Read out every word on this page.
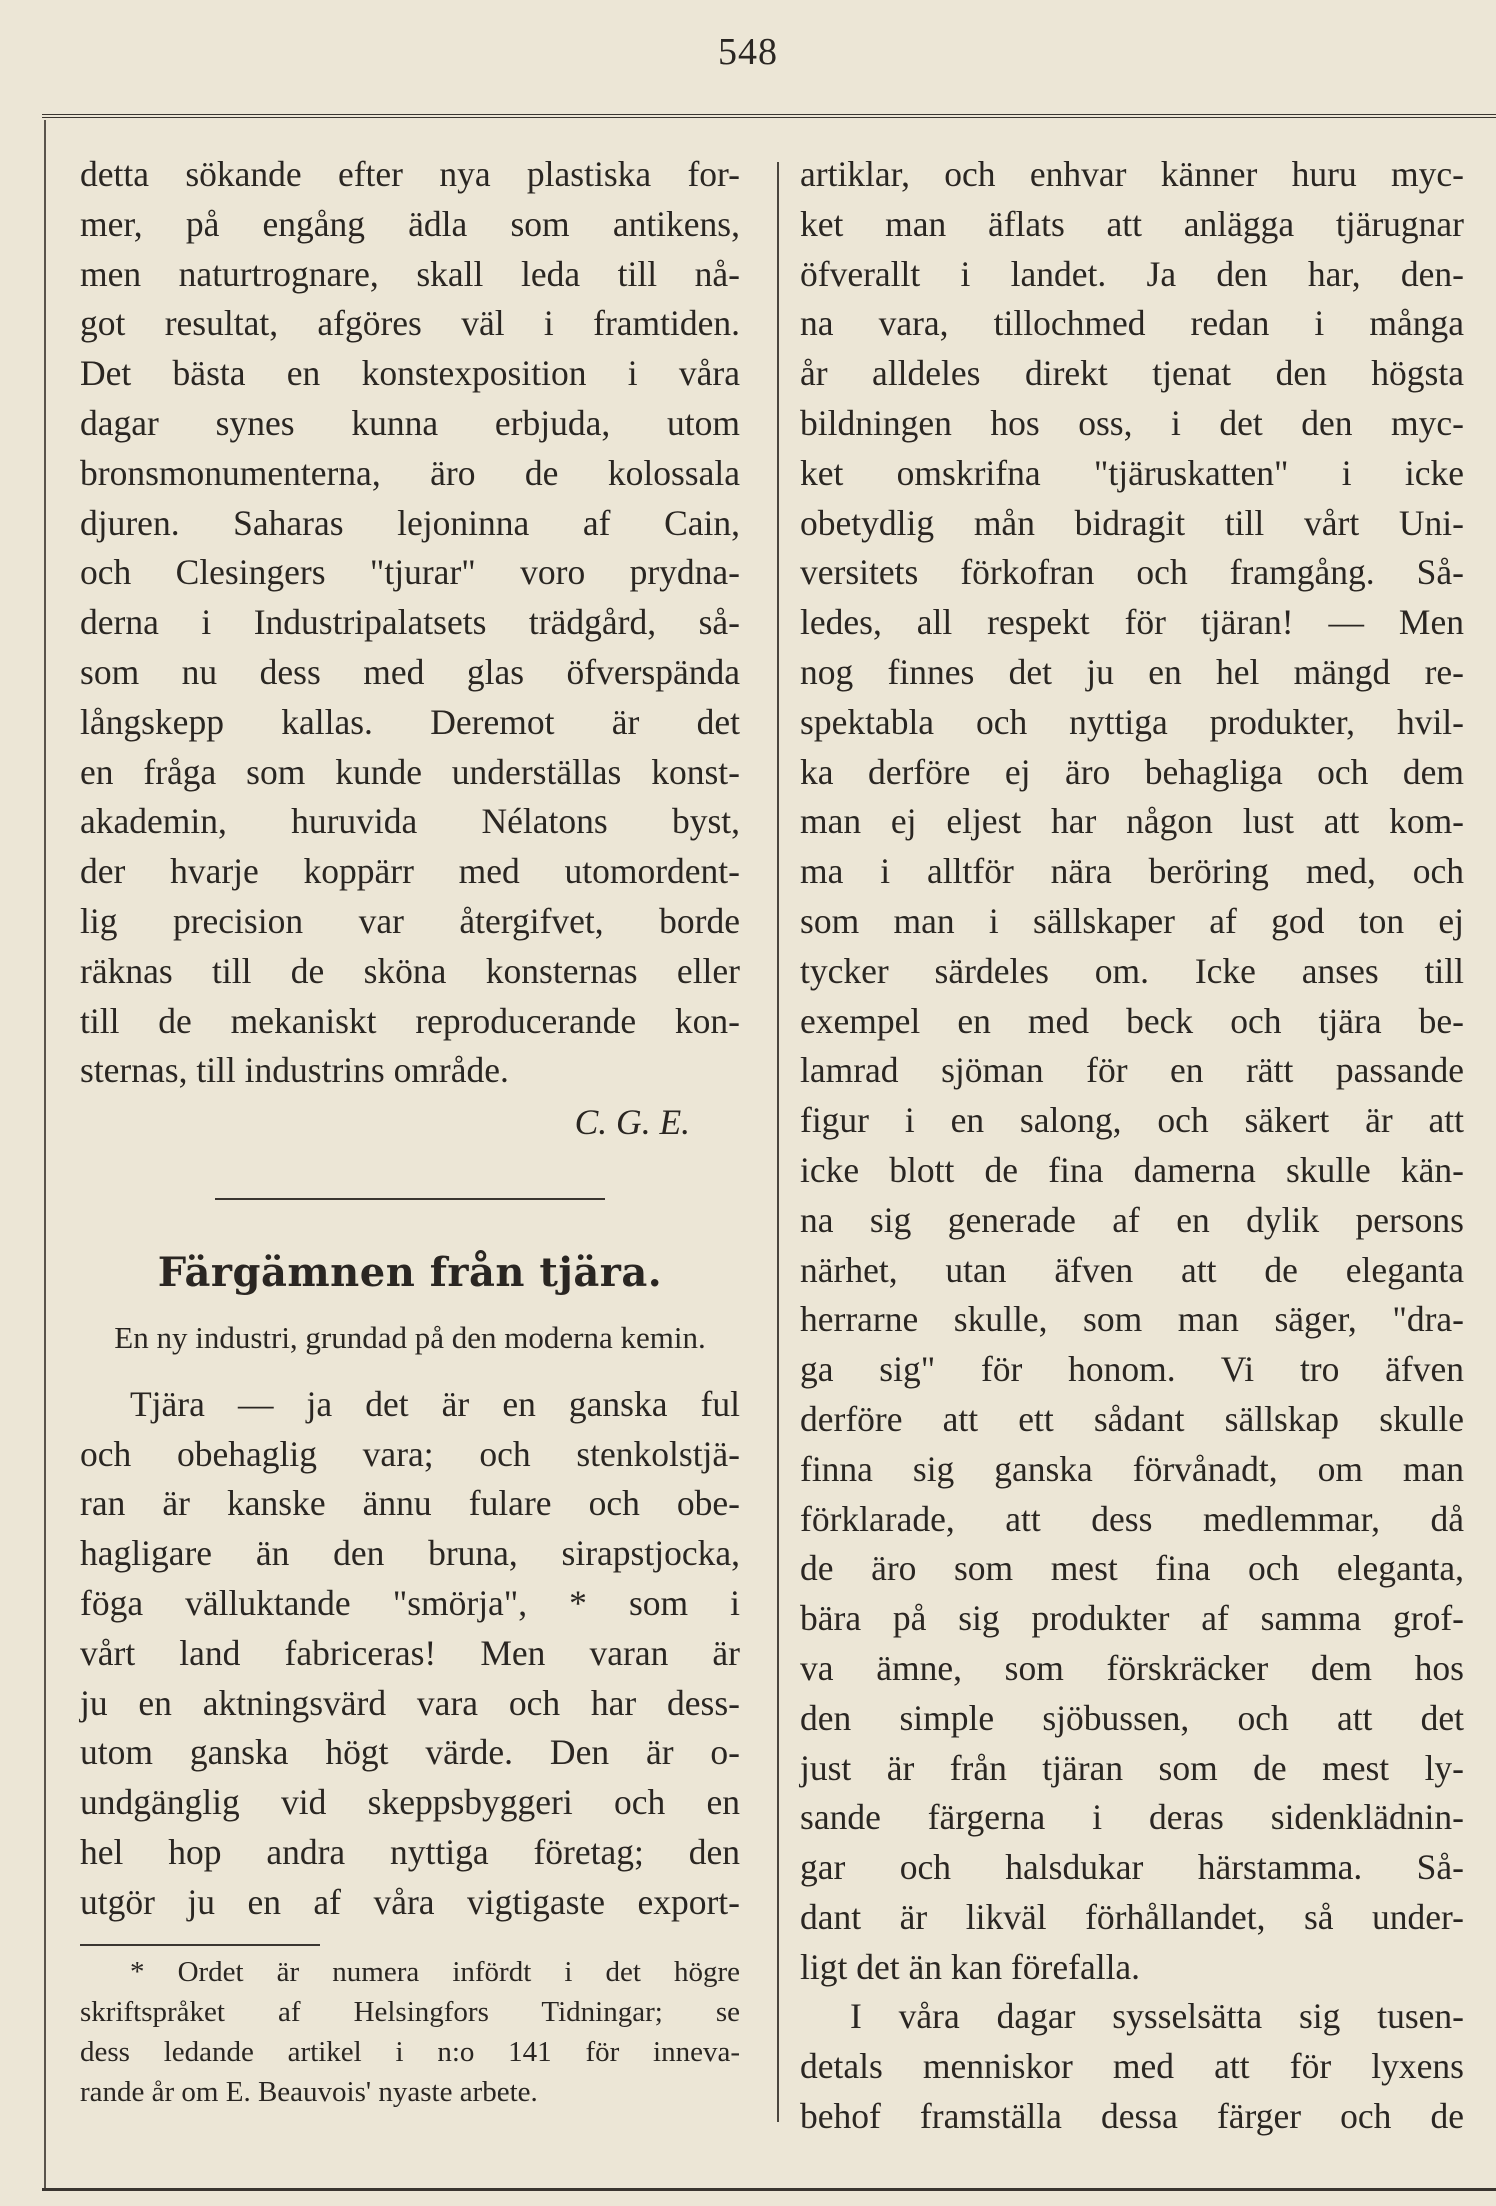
548
detta sökande efter nya plastiska for-
mer, på engång ädla som antikens,
men naturtrognare, skall leda till nå-
got resultat, afgöres väl i framtiden.
Det bästa en konstexposition i våra
dagar synes kunna erbjuda, utom
bronsmonumenterna, äro de kolossala
djuren. Saharas lejoninna af Cain,
och Clesingers "tjurar" voro prydna-
derna i Industripalatsets trädgård, så-
som nu dess med glas öfverspända
långskepp kallas. Deremot är det
en fråga som kunde underställas konst-
akademin, huruvida Nélatons byst,
der hvarje koppärr med utomordent-
lig precision var återgifvet, borde
räknas till de sköna konsternas eller
till de mekaniskt reproducerande kon-
sternas, till industrins område.
C. G. E.
Färgämnen från tjära.
En ny industri, grundad på den moderna kemin.
Tjära — ja det är en ganska ful
och obehaglig vara; och stenkolstjä-
ran är kanske ännu fulare och obe-
hagligare än den bruna, sirapstjocka,
föga välluktande "smörja", * som i
vårt land fabriceras! Men varan är
ju en aktningsvärd vara och har dess-
utom ganska högt värde. Den är o-
undgänglig vid skeppsbyggeri och en
hel hop andra nyttiga företag; den
utgör ju en af våra vigtigaste export-
* Ordet är numera infördt i det högre
skriftspråket af Helsingfors Tidningar; se
dess ledande artikel i n:o 141 för inneva-
rande år om E. Beauvois' nyaste arbete.
artiklar, och enhvar känner huru myc-
ket man äflats att anlägga tjärugnar
öfverallt i landet. Ja den har, den-
na vara, tillochmed redan i många
år alldeles direkt tjenat den högsta
bildningen hos oss, i det den myc-
ket omskrifna "tjäruskatten" i icke
obetydlig mån bidragit till vårt Uni-
versitets förkofran och framgång. Så-
ledes, all respekt för tjäran! — Men
nog finnes det ju en hel mängd re-
spektabla och nyttiga produkter, hvil-
ka derföre ej äro behagliga och dem
man ej eljest har någon lust att kom-
ma i alltför nära beröring med, och
som man i sällskaper af god ton ej
tycker särdeles om. Icke anses till
exempel en med beck och tjära be-
lamrad sjöman för en rätt passande
figur i en salong, och säkert är att
icke blott de fina damerna skulle kän-
na sig generade af en dylik persons
närhet, utan äfven att de eleganta
herrarne skulle, som man säger, "dra-
ga sig" för honom. Vi tro äfven
derföre att ett sådant sällskap skulle
finna sig ganska förvånadt, om man
förklarade, att dess medlemmar, då
de äro som mest fina och eleganta,
bära på sig produkter af samma grof-
va ämne, som förskräcker dem hos
den simple sjöbussen, och att det
just är från tjäran som de mest ly-
sande färgerna i deras sidenklädnin-
gar och halsdukar härstamma. Så-
dant är likväl förhållandet, så under-
ligt det än kan förefalla.
I våra dagar sysselsätta sig tusen-
detals menniskor med att för lyxens
behof framställa dessa färger och de
